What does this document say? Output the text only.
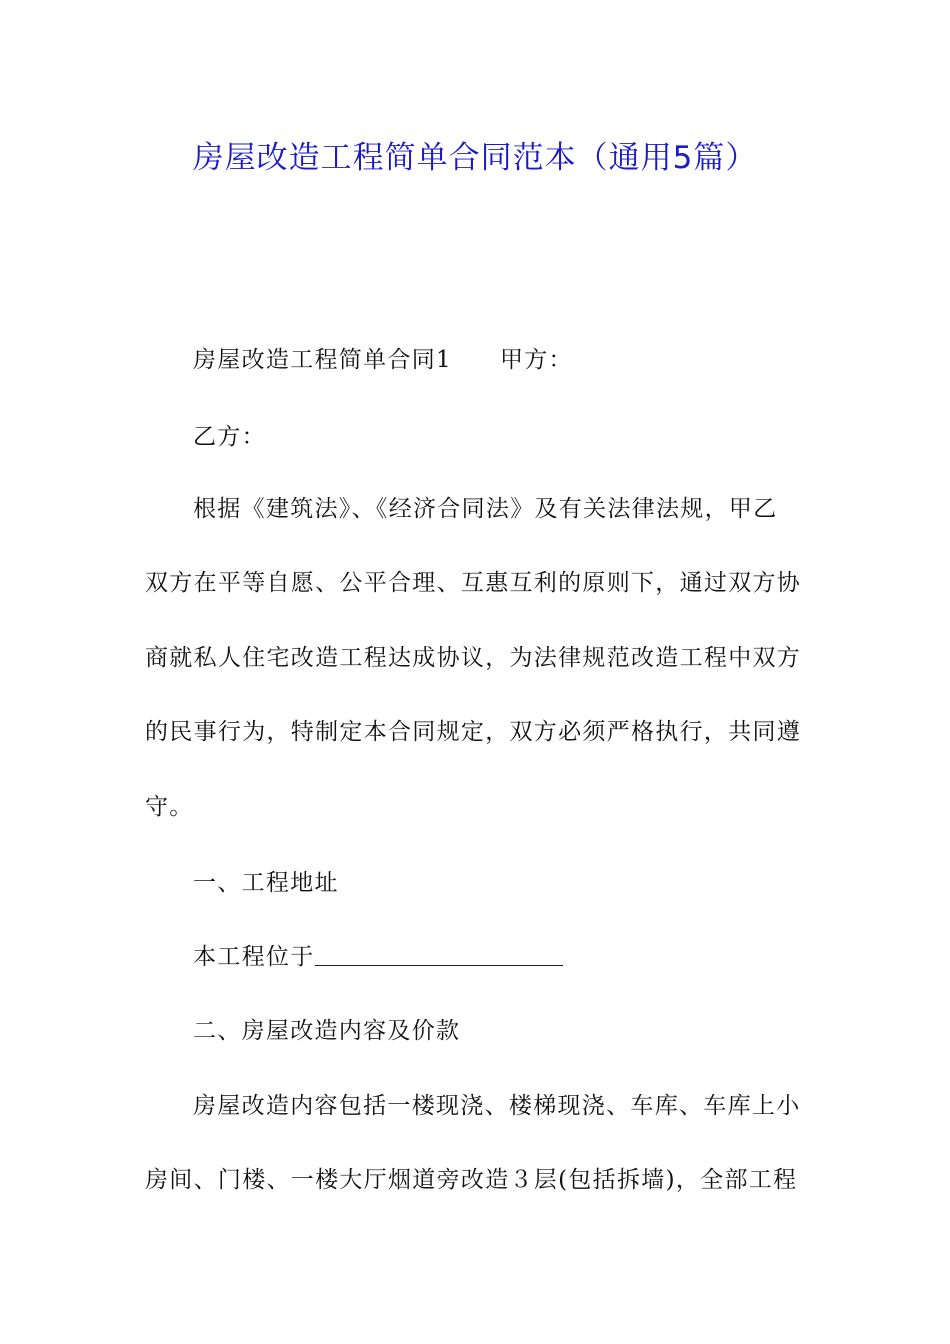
房屋改造工程简单合同范本（通用5篇）
房屋改造工程简单合同1 甲方：
乙方：
根据《建筑法》、《经济合同法》及有关法律法规，甲乙
双方在平等自愿、公平合理、互惠互利的原则下，通过双方协
商就私人住宅改造工程达成协议，为法律规范改造工程中双方
的民事行为，特制定本合同规定，双方必须严格执行，共同遵
守。
一、工程地址
本工程位于
二、房屋改造内容及价款
房屋改造内容包括一楼现浇、楼梯现浇、车库、车库上小
房间、门楼、一楼大厅烟道旁改造３层(包括拆墙)，全部工程
